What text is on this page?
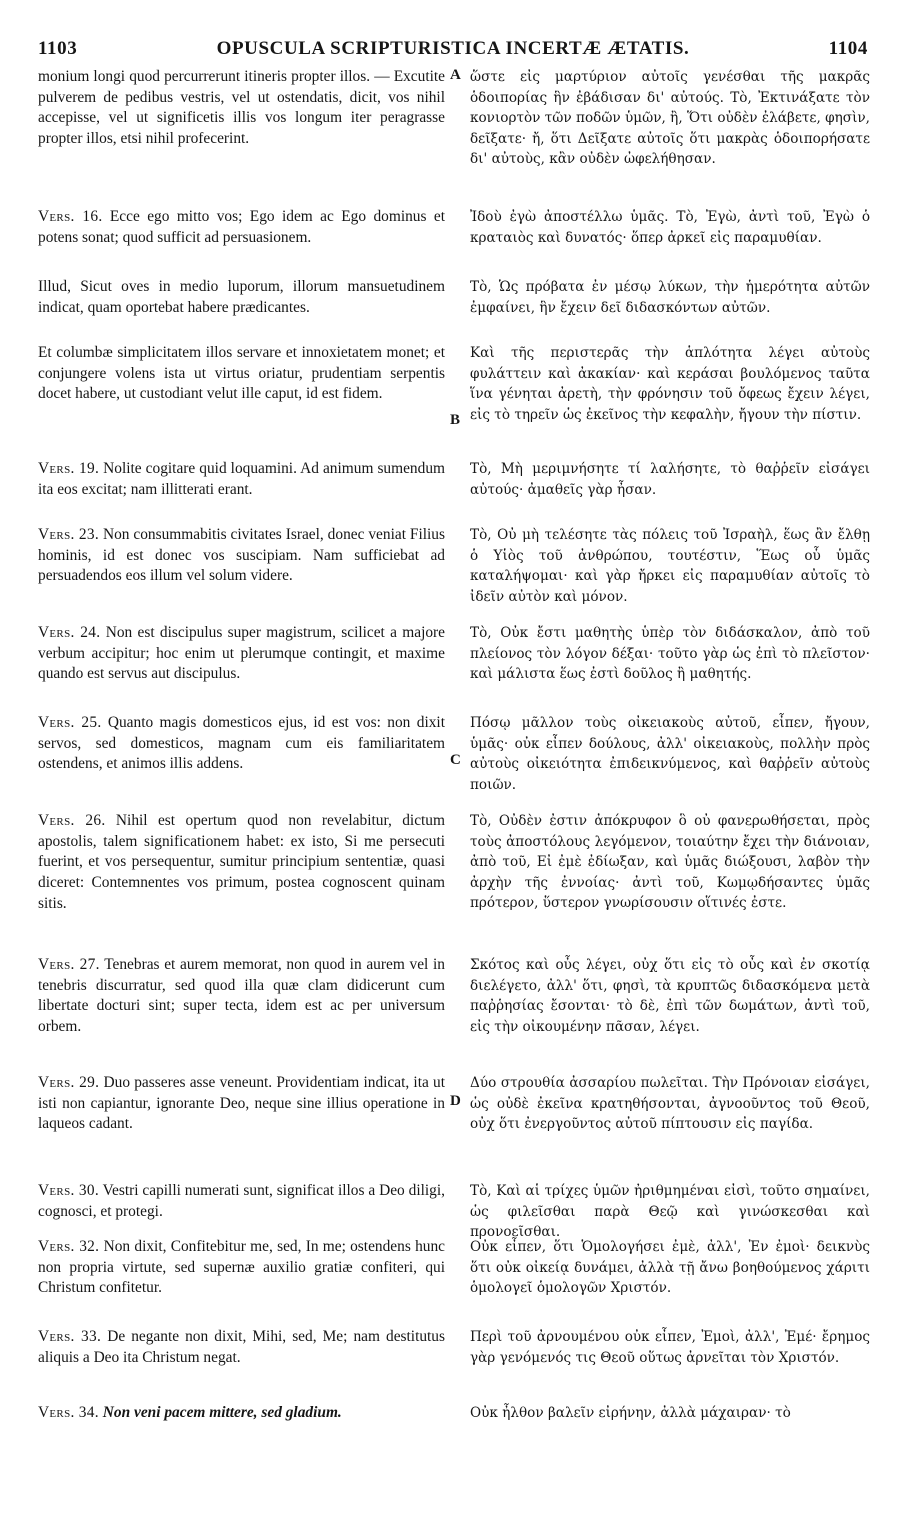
1103	OPUSCULA SCRIPTURISTICA INCERTÆ ÆTATIS.	1104
A
B
C
D
monium longi quod percurrerunt itineris propter illos. — Excutite pulverem de pedibus vestris, vel ut ostendatis, dicit, vos nihil accepisse, vel ut significetis illis vos longum iter peragrasse propter illos, etsi nihil profecerint.
Vers. 16. Ecce ego mitto vos; Ego idem ac Ego dominus et potens sonat; quod sufficit ad persuasionem.
Illud, Sicut oves in medio luporum, illorum mansuetudinem indicat, quam oportebat habere prædicantes.
Et columbæ simplicitatem illos servare et innoxietatem monet; et conjungere volens ista ut virtus oriatur, prudentiam serpentis docet habere, ut custodiant velut ille caput, id est fidem.
Vers. 19. Nolite cogitare quid loquamini. Ad animum sumendum ita eos excitat; nam illitterati erant.
Vers. 23. Non consummabitis civitates Israel, donec veniat Filius hominis, id est donec vos suscipiam. Nam sufficiebat ad persuadendos eos illum vel solum videre.
Vers. 24. Non est discipulus super magistrum, scilicet a majore verbum accipitur; hoc enim ut plerumque contingit, et maxime quando est servus aut discipulus.
Vers. 25. Quanto magis domesticos ejus, id est vos: non dixit servos, sed domesticos, magnam cum eis familiaritatem ostendens, et animos illis addens.
Vers. 26. Nihil est opertum quod non revelabitur, dictum apostolis, talem significationem habet: ex isto, Si me persecuti fuerint, et vos persequentur, sumitur principium sententiæ, quasi diceret: Contemnentes vos primum, postea cognoscent quinam sitis.
Vers. 27. Tenebras et aurem memorat, non quod in aurem vel in tenebris discurratur, sed quod illa quæ clam didicerunt cum libertate docturi sint; super tecta, idem est ac per universum orbem.
Vers. 29. Duo passeres asse veneunt. Providentiam indicat, ita ut isti non capiantur, ignorante Deo, neque sine illius operatione in laqueos cadant.
Vers. 30. Vestri capilli numerati sunt, significat illos a Deo diligi, cognosci, et protegi.
Vers. 32. Non dixit, Confitebitur me, sed, In me; ostendens hunc non propria virtute, sed supernæ auxilio gratiæ confiteri, qui Christum confitetur.
Vers. 33. De negante non dixit, Mihi, sed, Me; nam destitutus aliquis a Deo ita Christum negat.
Vers. 34. Non veni pacem mittere, sed gladium.
ὥστε εἰς μαρτύριον αὐτοῖς γενέσθαι τῆς μακρᾶς ὁδοιπορίας ἣν ἐβάδισαν δι' αὐτούς. Τὸ, Ἐκτινάξατε τὸν κονιορτὸν τῶν ποδῶν ὑμῶν, ἢ, Ὅτι οὐδὲν ἐλάβετε, φησὶν, δεῖξατε· ἤ, ὅτι Δεῖξατε αὐτοῖς ὅτι μακρὰς ὁδοιπορήσατε δι' αὐτοὺς, κἂν οὐδὲν ὠφελήθησαν.
Ἰδοὺ ἐγὼ ἀποστέλλω ὑμᾶς. Τὸ, Ἐγὼ, ἀντὶ τοῦ, Ἐγὼ ὁ κραταιὸς καὶ δυνατός· ὅπερ ἀρκεῖ εἰς παραμυθίαν.
Τὸ, Ὡς πρόβατα ἐν μέσῳ λύκων, τὴν ἡμερότητα αὐτῶν ἐμφαίνει, ἣν ἔχειν δεῖ διδασκόντων αὐτῶν.
Καὶ τῆς περιστερᾶς τὴν ἁπλότητα λέγει αὐτοὺς φυλάττειν καὶ ἀκακίαν· καὶ κεράσαι βουλόμενος ταῦτα ἵνα γένηται ἀρετὴ, τὴν φρόνησιν τοῦ ὄφεως ἔχειν λέγει, εἰς τὸ τηρεῖν ὡς ἐκεῖνος τὴν κεφαλὴν, ἤγουν τὴν πίστιν.
Τὸ, Μὴ μεριμνήσητε τί λαλήσητε, τὸ θαῤῥεῖν εἰσάγει αὐτούς· ἀμαθεῖς γὰρ ἦσαν.
Τὸ, Οὐ μὴ τελέσητε τὰς πόλεις τοῦ Ἰσραὴλ, ἕως ἂν ἔλθῃ ὁ Υἱὸς τοῦ ἀνθρώπου, τουτέστιν, Ἕως οὗ ὑμᾶς καταλήψομαι· καὶ γὰρ ἤρκει εἰς παραμυθίαν αὐτοῖς τὸ ἰδεῖν αὐτὸν καὶ μόνον.
Τὸ, Οὐκ ἔστι μαθητὴς ὑπὲρ τὸν διδάσκαλον, ἀπὸ τοῦ πλείονος τὸν λόγον δέξαι· τοῦτο γὰρ ὡς ἐπὶ τὸ πλεῖστον· καὶ μάλιστα ἕως ἐστὶ δοῦλος ἢ μαθητής.
Πόσῳ μᾶλλον τοὺς οἰκειακοὺς αὐτοῦ, εἶπεν, ἤγουν, ὑμᾶς· οὐκ εἶπεν δούλους, ἀλλ' οἰκειακοὺς, πολλὴν πρὸς αὐτοὺς οἰκειότητα ἐπιδεικνύμενος, καὶ θαῤῥεῖν αὐτοὺς ποιῶν.
Τὸ, Οὐδὲν ἐστιν ἀπόκρυφον ὃ οὐ φανερωθήσεται, πρὸς τοὺς ἀποστόλους λεγόμενον, τοιαύτην ἔχει τὴν διάνοιαν, ἀπὸ τοῦ, Εἰ ἐμὲ ἐδίωξαν, καὶ ὑμᾶς διώξουσι, λαβὸν τὴν ἀρχὴν τῆς ἐννοίας· ἀντὶ τοῦ, Κωμῳδήσαντες ὑμᾶς πρότερον, ὕστερον γνωρίσουσιν οἵτινές ἐστε.
Σκότος καὶ οὖς λέγει, οὐχ ὅτι εἰς τὸ οὖς καὶ ἐν σκοτίᾳ διελέγετο, ἀλλ' ὅτι, φησὶ, τὰ κρυπτῶς διδασκόμενα μετὰ παῤῥησίας ἔσονται· τὸ δὲ, ἐπὶ τῶν δωμάτων, ἀντὶ τοῦ, εἰς τὴν οἰκουμένην πᾶσαν, λέγει.
Δύο στρουθία ἀσσαρίου πωλεῖται. Τὴν Πρόνοιαν εἰσάγει, ὡς οὐδὲ ἐκεῖνα κρατηθήσονται, ἀγνοοῦντος τοῦ Θεοῦ, οὐχ ὅτι ἐνεργοῦντος αὐτοῦ πίπτουσιν εἰς παγίδα.
Τὸ, Καὶ αἱ τρίχες ὑμῶν ἠριθμημέναι εἰσὶ, τοῦτο σημαίνει, ὡς φιλεῖσθαι παρὰ Θεῷ καὶ γινώσκεσθαι καὶ προνοεῖσθαι.
Οὐκ εἶπεν, ὅτι Ὁμολογήσει ἐμὲ, ἀλλ', Ἐν ἐμοὶ· δεικνὺς ὅτι οὐκ οἰκείᾳ δυνάμει, ἀλλὰ τῇ ἄνω βοηθούμενος χάριτι ὁμολογεῖ ὁμολογῶν Χριστόν.
Περὶ τοῦ ἀρνουμένου οὐκ εἶπεν, Ἐμοὶ, ἀλλ', Ἐμέ· ἔρημος γὰρ γενόμενός τις Θεοῦ οὕτως ἀρνεῖται τὸν Χριστόν.
Οὐκ ἦλθον βαλεῖν εἰρήνην, ἀλλὰ μάχαιραν· τὸ
